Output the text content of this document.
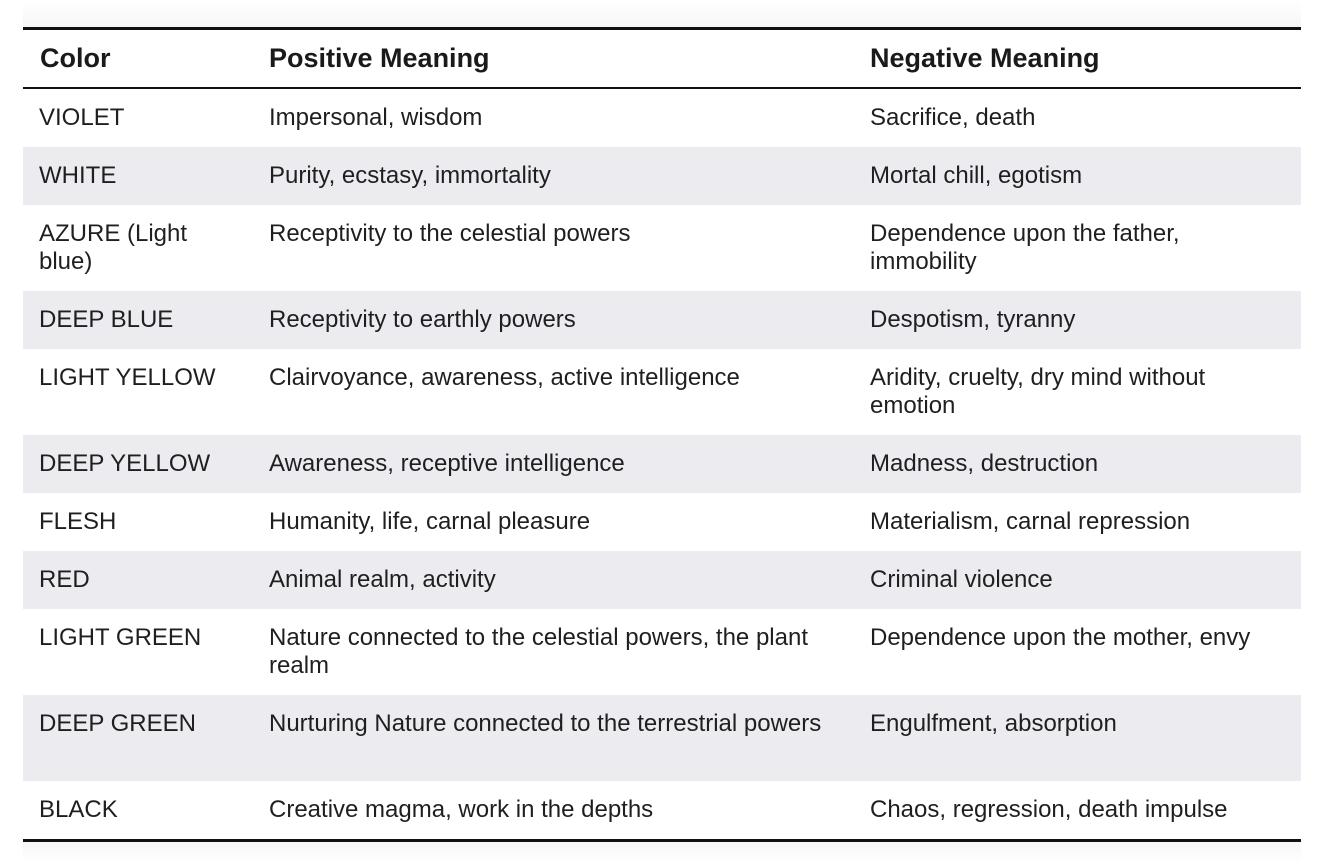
Color	Positive Meaning	Negative Meaning
VIOLET	Impersonal, wisdom	Sacrifice, death
WHITE	Purity, ecstasy, immortality	Mortal chill, egotism
AZURE (Light blue)	Receptivity to the celestial powers	Dependence upon the father, immobility
DEEP BLUE	Receptivity to earthly powers	Despotism, tyranny
LIGHT YELLOW	Clairvoyance, awareness, active intelligence	Aridity, cruelty, dry mind without emotion
DEEP YELLOW	Awareness, receptive intelligence	Madness, destruction
FLESH	Humanity, life, carnal pleasure	Materialism, carnal repression
RED	Animal realm, activity	Criminal violence
LIGHT GREEN	Nature connected to the celestial powers, the plant realm	Dependence upon the mother, envy
DEEP GREEN	Nurturing Nature connected to the terrestrial powers	Engulfment, absorption
BLACK	Creative magma, work in the depths	Chaos, regression, death impulse
